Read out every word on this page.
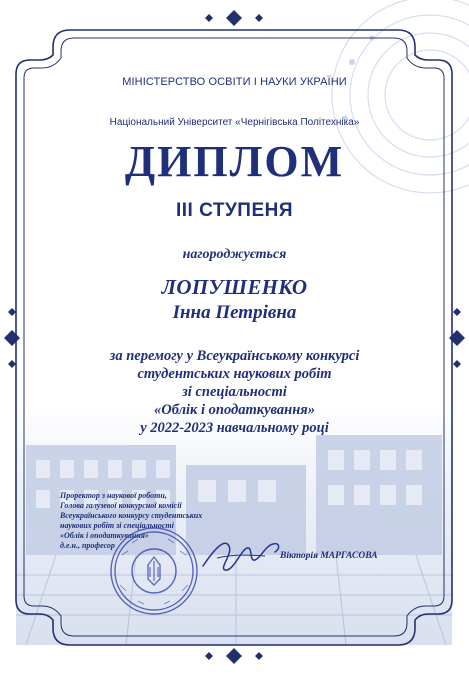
МІНІСТЕРСТВО ОСВІТИ І НАУКИ УКРАЇНИ
Національний Університет «Чернігівська Політехніка»
ДИПЛОМ
ІІІ СТУПЕНЯ
нагороджується
ЛОПУШЕНКО
Інна Петрівна
за перемогу у Всеукраїнському конкурсі
студентських наукових робіт
зі спеціальності
«Облік і оподаткування»
у 2022-2023 навчальному році
Проректор з наукової роботи,
Голова галузевої конкурсної комісії
Всеукраїнського конкурсу студентських
наукових робіт зі спеціальності
«Облік і оподаткування»
д.е.н., професор
Вікторія МАРГАСОВА
